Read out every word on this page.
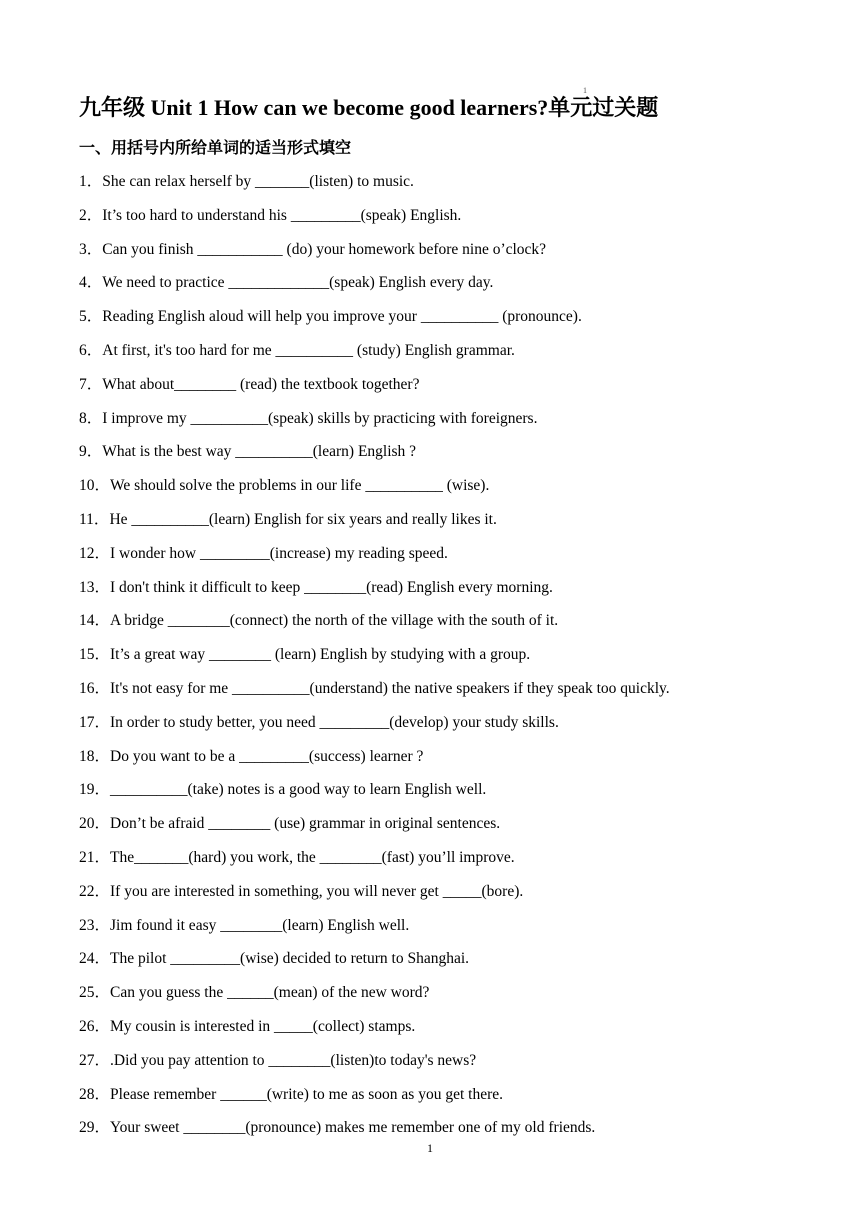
1
九年级 Unit 1 How can we become good learners?单元过关题
一、用括号内所给单词的适当形式填空
1．She can relax herself by _______(listen) to music.
2．It’s too hard to understand his _________(speak) English.
3．Can you finish ___________ (do) your homework before nine o’clock?
4．We need to practice _____________(speak) English every day.
5．Reading English aloud will help you improve your __________ (pronounce).
6．At first, it's too hard for me __________ (study) English grammar.
7．What about________ (read) the textbook together?
8．I improve my __________(speak) skills by practicing with foreigners.
9．What is the best way __________(learn) English ?
10．We should solve the problems in our life __________ (wise).
11．He __________(learn) English for six years and really likes it.
12．I wonder how _________(increase) my reading speed.
13．I don't think it difficult to keep ________(read) English every morning.
14．A bridge ________(connect) the north of the village with the south of it.
15．It’s a great way ________ (learn) English by studying with a group.
16．It's not easy for me __________(understand) the native speakers if they speak too quickly.
17．In order to study better, you need _________(develop) your study skills.
18．Do you want to be a _________(success) learner ?
19．__________(take) notes is a good way to learn English well.
20．Don’t be afraid ________ (use) grammar in original sentences.
21．The_______(hard) you work, the ________(fast) you’ll improve.
22．If you are interested in something, you will never get _____(bore).
23．Jim found it easy ________(learn) English well.
24．The pilot _________(wise) decided to return to Shanghai.
25．Can you guess the ______(mean) of the new word?
26．My cousin is interested in _____(collect) stamps.
27．.Did you pay attention to ________(listen)to today's news?
28．Please remember ______(write) to me as soon as you get there.
29．Your sweet ________(pronounce) makes me remember one of my old friends.
1
